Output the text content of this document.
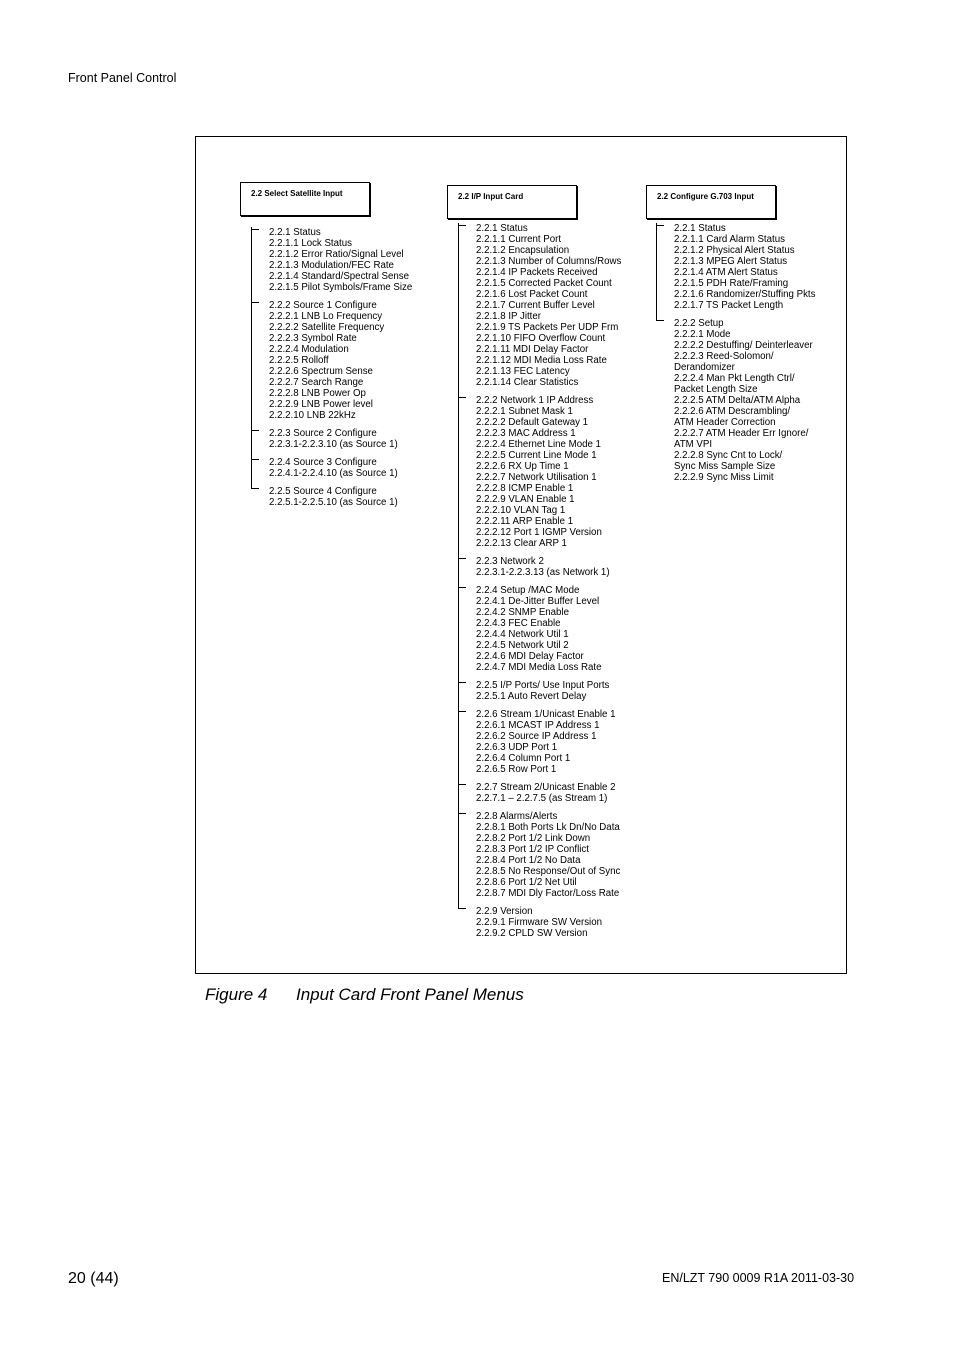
Front Panel Control
2.2 Select Satellite Input	2.2 I/P Input Card	2.2 Configure G.703 Input
2.2.1 Status
2.2.1.1 Lock Status
2.2.1.2 Error Ratio/Signal Level
2.2.1.3 Modulation/FEC Rate
2.2.1.4 Standard/Spectral Sense
2.2.1.5 Pilot Symbols/Frame Size
2.2.2 Source 1 Configure
2.2.2.1 LNB Lo Frequency
2.2.2.2 Satellite Frequency
2.2.2.3 Symbol Rate
2.2.2.4 Modulation
2.2.2.5 Rolloff
2.2.2.6 Spectrum Sense
2.2.2.7 Search Range
2.2.2.8 LNB Power Op
2.2.2.9 LNB Power level
2.2.2.10 LNB 22kHz
2.2.3 Source 2 Configure
2.2.3.1-2.2.3.10 (as Source 1)
2.2.4 Source 3 Configure
2.2.4.1-2.2.4.10 (as Source 1)
2.2.5 Source 4 Configure
2.2.5.1-2.2.5.10 (as Source 1)
2.2.1 Status
2.2.1.1 Current Port
2.2.1.2 Encapsulation
2.2.1.3 Number of Columns/Rows
2.2.1.4 IP Packets Received
2.2.1.5 Corrected Packet Count
2.2.1.6 Lost Packet Count
2.2.1.7 Current Buffer Level
2.2.1.8 IP Jitter
2.2.1.9 TS Packets Per UDP Frm
2.2.1.10 FIFO Overflow Count
2.2.1.11 MDI Delay Factor
2.2.1.12 MDI Media Loss Rate
2.2.1.13 FEC Latency
2.2.1.14 Clear Statistics
2.2.2 Network 1 IP Address
2.2.2.1 Subnet Mask 1
2.2.2.2 Default Gateway 1
2.2.2.3 MAC Address 1
2.2.2.4 Ethernet Line Mode 1
2.2.2.5 Current Line Mode 1
2.2.2.6 RX Up Time 1
2.2.2.7 Network Utilisation 1
2.2.2.8 ICMP Enable 1
2.2.2.9 VLAN Enable 1
2.2.2.10 VLAN Tag 1
2.2.2.11 ARP Enable 1
2.2.2.12 Port 1 IGMP Version
2.2.2.13 Clear ARP 1
2.2.3 Network 2
2.2.3.1-2.2.3.13 (as Network 1)
2.2.4 Setup /MAC Mode
2.2.4.1 De-Jitter Buffer Level
2.2.4.2 SNMP Enable
2.2.4.3 FEC Enable
2.2.4.4 Network Util 1
2.2.4.5 Network Util 2
2.2.4.6 MDI Delay Factor
2.2.4.7 MDI Media Loss Rate
2.2.5 I/P Ports/ Use Input Ports
2.2.5.1 Auto Revert Delay
2.2.6 Stream 1/Unicast Enable 1
2.2.6.1 MCAST IP Address 1
2.2.6.2 Source IP Address 1
2.2.6.3 UDP Port 1
2.2.6.4 Column Port 1
2.2.6.5 Row Port 1
2.2.7 Stream 2/Unicast Enable 2
2.2.7.1 – 2.2.7.5 (as Stream 1)
2.2.8 Alarms/Alerts
2.2.8.1 Both Ports Lk Dn/No Data
2.2.8.2 Port 1/2 Link Down
2.2.8.3 Port 1/2 IP Conflict
2.2.8.4 Port 1/2 No Data
2.2.8.5 No Response/Out of Sync
2.2.8.6 Port 1/2 Net Util
2.2.8.7 MDI Dly Factor/Loss Rate
2.2.9 Version
2.2.9.1 Firmware SW Version
2.2.9.2 CPLD SW Version
2.2.1 Status
2.2.1.1 Card Alarm Status
2.2.1.2 Physical Alert Status
2.2.1.3 MPEG Alert Status
2.2.1.4 ATM Alert Status
2.2.1.5 PDH Rate/Framing
2.2.1.6 Randomizer/Stuffing Pkts
2.2.1.7 TS Packet Length
2.2.2 Setup
2.2.2.1 Mode
2.2.2.2 Destuffing/ Deinterleaver
2.2.2.3 Reed-Solomon/
Derandomizer
2.2.2.4 Man Pkt Length Ctrl/
Packet Length Size
2.2.2.5 ATM Delta/ATM Alpha
2.2.2.6 ATM Descrambling/
ATM Header Correction
2.2.2.7 ATM Header Err Ignore/
ATM VPI
2.2.2.8 Sync Cnt to Lock/
Sync Miss Sample Size
2.2.2.9 Sync Miss Limit
Figure 4 Input Card Front Panel Menus
20 (44)	EN/LZT 790 0009 R1A 2011-03-30
